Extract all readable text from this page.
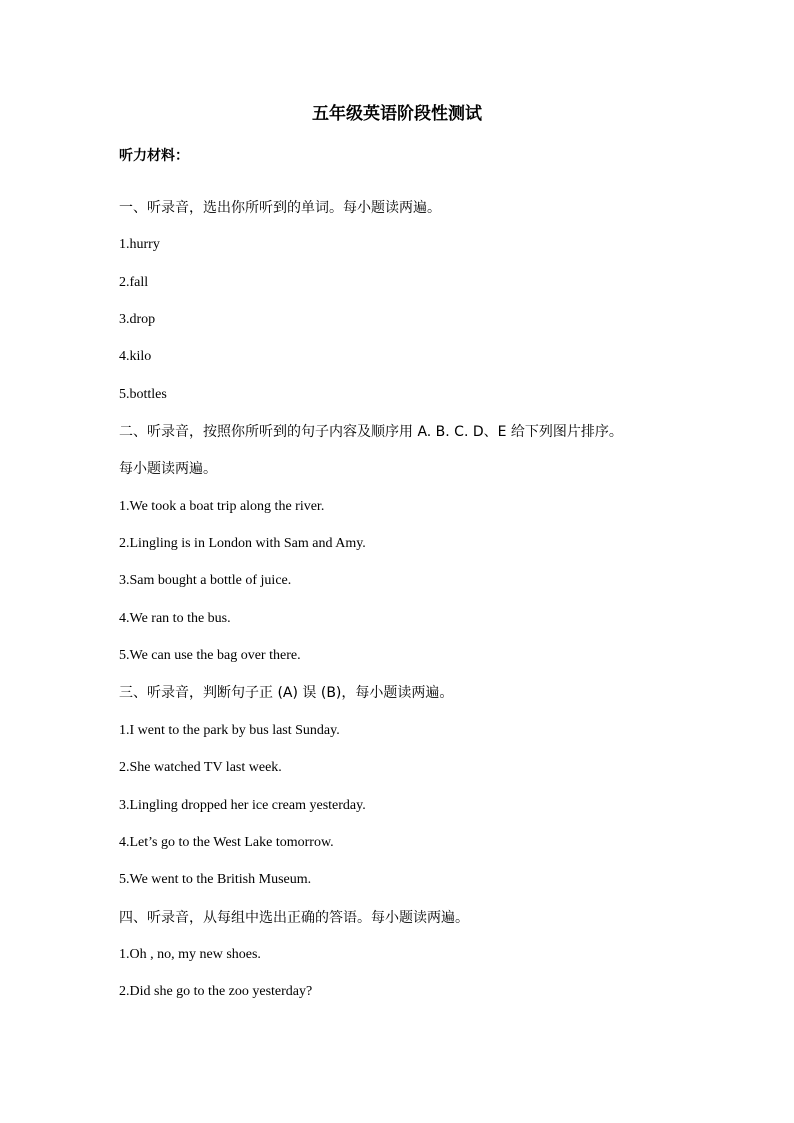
五年级英语阶段性测试
听力材料：
一、听录音，选出你所听到的单词。每小题读两遍。
1.hurry
2.fall
3.drop
4.kilo
5.bottles
二、听录音，按照你所听到的句子内容及顺序用 A. B. C. D、E 给下列图片排序。
每小题读两遍。
1.We took a boat trip along the river.
2.Lingling is in London with Sam and Amy.
3.Sam bought a bottle of juice.
4.We ran to the bus.
5.We can use the bag over there.
三、听录音，判断句子正 (A) 误 (B)，每小题读两遍。
1.I went to the park by bus last Sunday.
2.She watched TV last week.
3.Lingling dropped her ice cream yesterday.
4.Let’s go to the West Lake tomorrow.
5.We went to the British Museum.
四、听录音，从每组中选出正确的答语。每小题读两遍。
1.Oh , no, my new shoes.
2.Did she go to the zoo yesterday?
